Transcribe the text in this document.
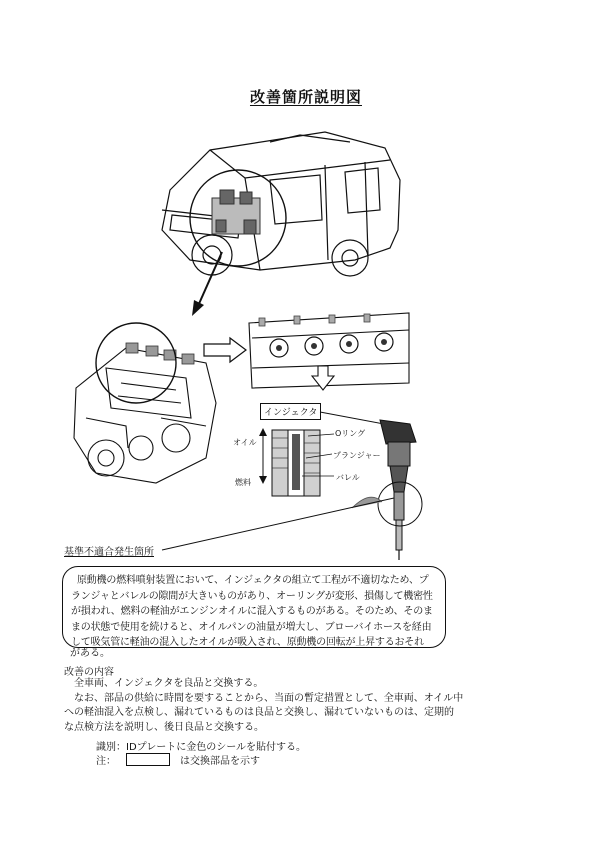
改善箇所説明図
インジェクタ
オイル
燃料
Oリング
プランジャー
バレル
基準不適合発生箇所
原動機の燃料噴射装置において、インジェクタの組立て工程が不適切なため、プ
ランジャとバレルの隙間が大きいものがあり、オーリングが変形、損傷して機密性
が損われ、燃料の軽油がエンジンオイルに混入するものがある。そのため、そのま
まの状態で使用を続けると、オイルパンの油量が増大し、ブローバイホースを経由
して吸気管に軽油の混入したオイルが吸入され、原動機の回転が上昇するおそれ
がある。
改善の内容
全車両、インジェクタを良品と交換する。
なお、部品の供給に時間を要することから、当面の暫定措置として、全車両、オイル中
への軽油混入を点検し、漏れているものは良品と交換し、漏れていないものは、定期的
な点検方法を説明し、後日良品と交換する。
識別：IDプレートに金色のシールを貼付する。
注：	は交換部品を示す
